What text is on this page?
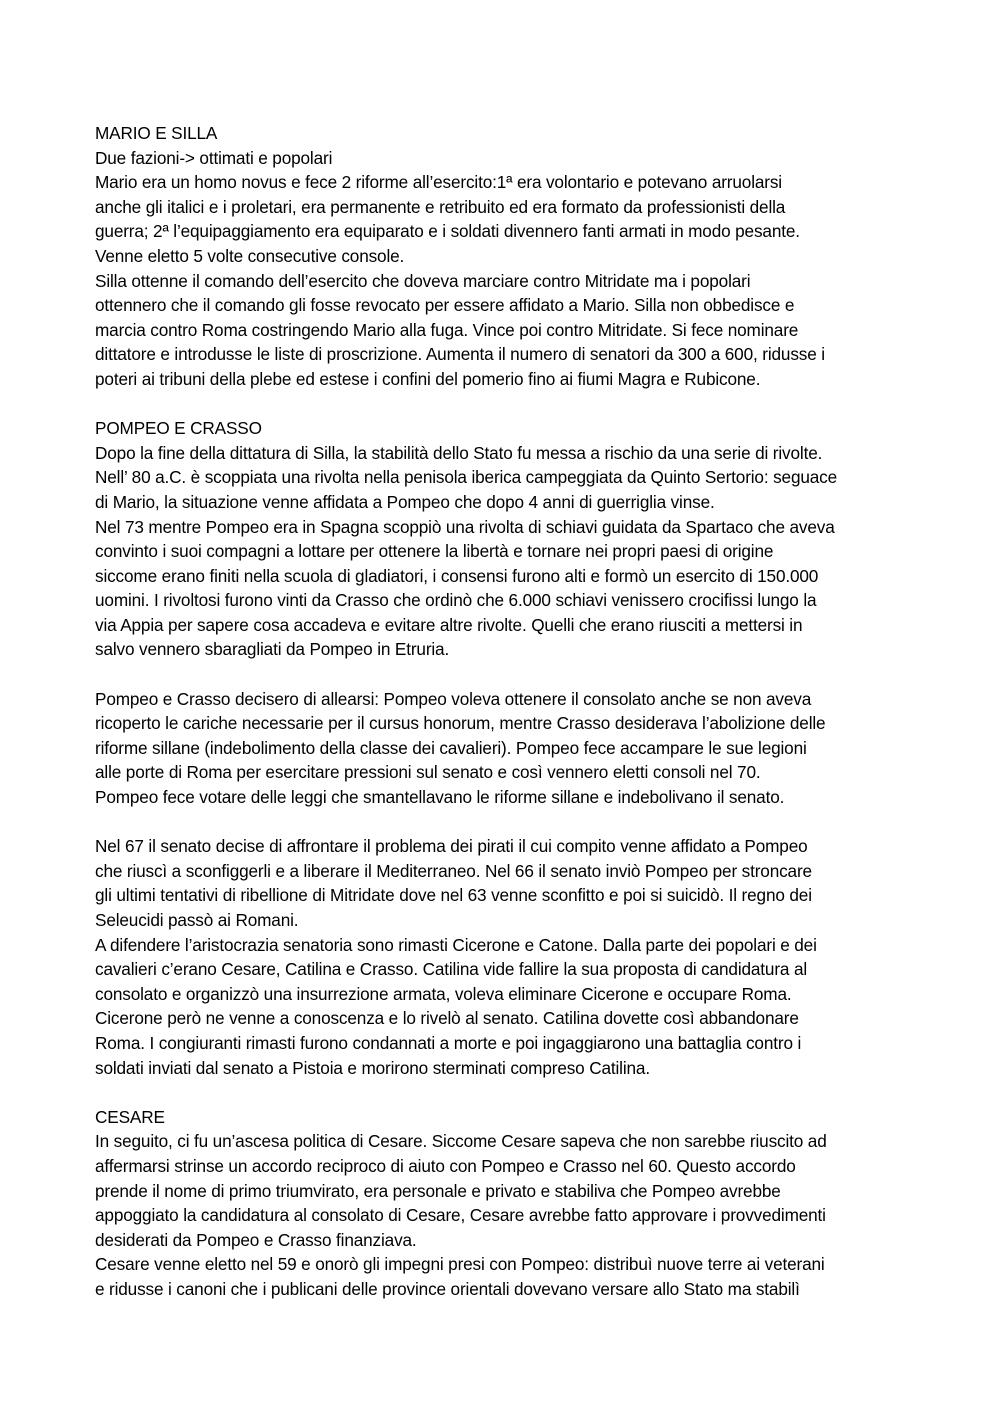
MARIO E SILLA
Due fazioni-> ottimati e popolari
Mario era un homo novus e fece 2 riforme all’esercito:1ª era volontario e potevano arruolarsi
anche gli italici e i proletari, era permanente e retribuito ed era formato da professionisti della
guerra; 2ª l’equipaggiamento era equiparato e i soldati divennero fanti armati in modo pesante.
Venne eletto 5 volte consecutive console.
Silla ottenne il comando dell’esercito che doveva marciare contro Mitridate ma i popolari
ottennero che il comando gli fosse revocato per essere affidato a Mario. Silla non obbedisce e
marcia contro Roma costringendo Mario alla fuga. Vince poi contro Mitridate. Si fece nominare
dittatore e introdusse le liste di proscrizione. Aumenta il numero di senatori da 300 a 600, ridusse i
poteri ai tribuni della plebe ed estese i confini del pomerio fino ai fiumi Magra e Rubicone.
POMPEO E CRASSO
Dopo la fine della dittatura di Silla, la stabilità dello Stato fu messa a rischio da una serie di rivolte.
Nell’ 80 a.C. è scoppiata una rivolta nella penisola iberica campeggiata da Quinto Sertorio: seguace
di Mario, la situazione venne affidata a Pompeo che dopo 4 anni di guerriglia vinse.
Nel 73 mentre Pompeo era in Spagna scoppiò una rivolta di schiavi guidata da Spartaco che aveva
convinto i suoi compagni a lottare per ottenere la libertà e tornare nei propri paesi di origine
siccome erano finiti nella scuola di gladiatori, i consensi furono alti e formò un esercito di 150.000
uomini. I rivoltosi furono vinti da Crasso che ordinò che 6.000 schiavi venissero crocifissi lungo la
via Appia per sapere cosa accadeva e evitare altre rivolte. Quelli che erano riusciti a mettersi in
salvo vennero sbaragliati da Pompeo in Etruria.
Pompeo e Crasso decisero di allearsi: Pompeo voleva ottenere il consolato anche se non aveva
ricoperto le cariche necessarie per il cursus honorum, mentre Crasso desiderava l’abolizione delle
riforme sillane (indebolimento della classe dei cavalieri). Pompeo fece accampare le sue legioni
alle porte di Roma per esercitare pressioni sul senato e così vennero eletti consoli nel 70.
Pompeo fece votare delle leggi che smantellavano le riforme sillane e indebolivano il senato.
Nel 67 il senato decise di affrontare il problema dei pirati il cui compito venne affidato a Pompeo
che riuscì a sconfiggerli e a liberare il Mediterraneo. Nel 66 il senato inviò Pompeo per stroncare
gli ultimi tentativi di ribellione di Mitridate dove nel 63 venne sconfitto e poi si suicidò. Il regno dei
Seleucidi passò ai Romani.
A difendere l’aristocrazia senatoria sono rimasti Cicerone e Catone. Dalla parte dei popolari e dei
cavalieri c’erano Cesare, Catilina e Crasso. Catilina vide fallire la sua proposta di candidatura al
consolato e organizzò una insurrezione armata, voleva eliminare Cicerone e occupare Roma.
Cicerone però ne venne a conoscenza e lo rivelò al senato. Catilina dovette così abbandonare
Roma. I congiuranti rimasti furono condannati a morte e poi ingaggiarono una battaglia contro i
soldati inviati dal senato a Pistoia e morirono sterminati compreso Catilina.
CESARE
In seguito, ci fu un’ascesa politica di Cesare. Siccome Cesare sapeva che non sarebbe riuscito ad
affermarsi strinse un accordo reciproco di aiuto con Pompeo e Crasso nel 60. Questo accordo
prende il nome di primo triumvirato, era personale e privato e stabiliva che Pompeo avrebbe
appoggiato la candidatura al consolato di Cesare, Cesare avrebbe fatto approvare i provvedimenti
desiderati da Pompeo e Crasso finanziava.
Cesare venne eletto nel 59 e onorò gli impegni presi con Pompeo: distribuì nuove terre ai veterani
e ridusse i canoni che i publicani delle province orientali dovevano versare allo Stato ma stabilì
